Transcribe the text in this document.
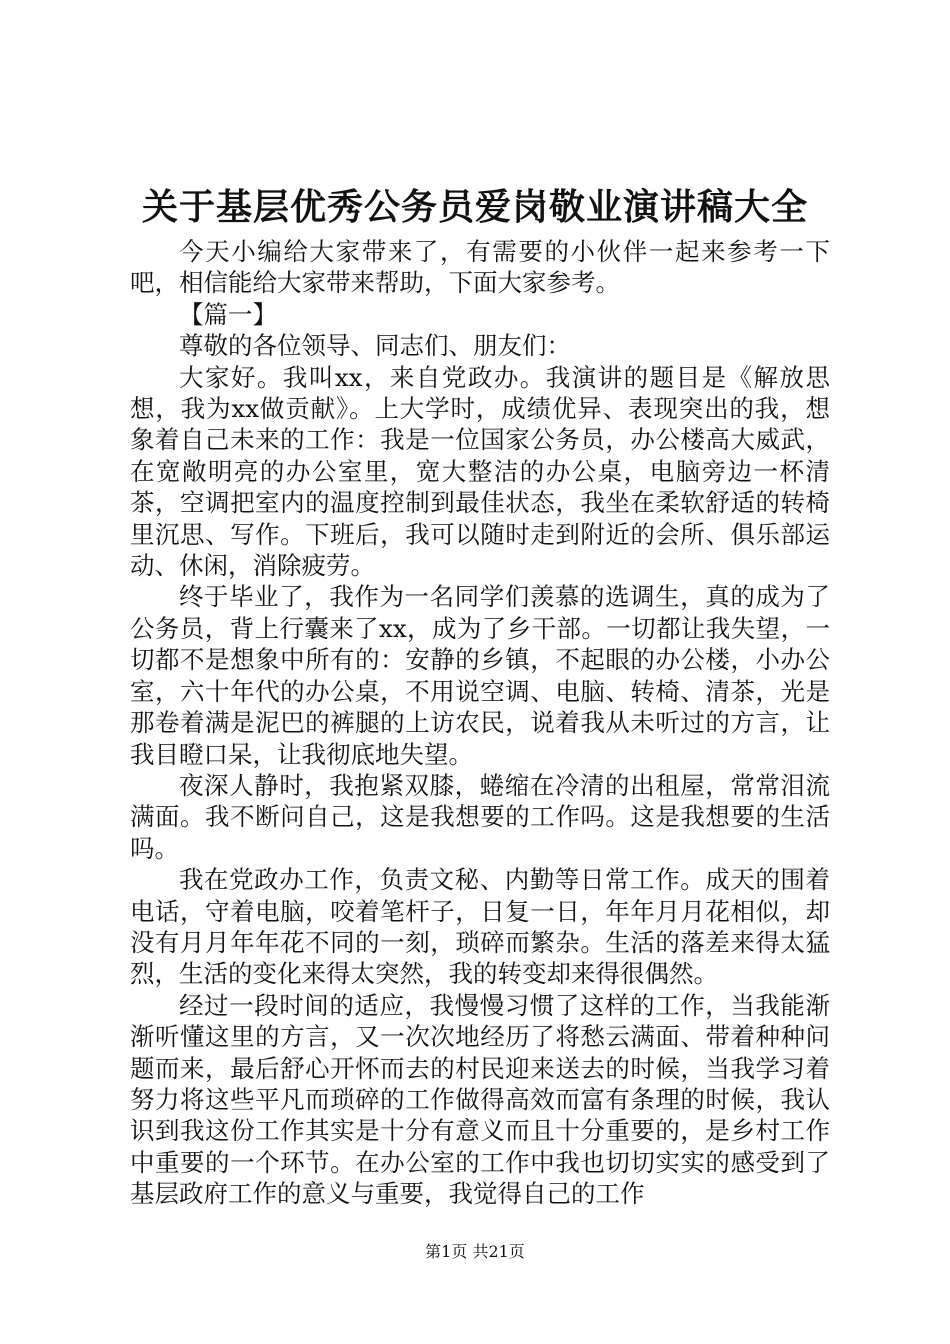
关于基层优秀公务员爱岗敬业演讲稿大全

今天小编给大家带来了，有需要的小伙伴一起来参考一下吧，相信能给大家带来帮助，下面大家参考。

【篇一】

尊敬的各位领导、同志们、朋友们：

大家好。我叫xx，来自党政办。我演讲的题目是《解放思想，我为xx做贡献》。上大学时，成绩优异、表现突出的我，想象着自己未来的工作：我是一位国家公务员，办公楼高大威武，在宽敞明亮的办公室里，宽大整洁的办公桌，电脑旁边一杯清茶，空调把室内的温度控制到最佳状态，我坐在柔软舒适的转椅里沉思、写作。下班后，我可以随时走到附近的会所、俱乐部运动、休闲，消除疲劳。

终于毕业了，我作为一名同学们羡慕的选调生，真的成为了公务员，背上行囊来了xx，成为了乡干部。一切都让我失望，一切都不是想象中所有的：安静的乡镇，不起眼的办公楼，小办公室，六十年代的办公桌，不用说空调、电脑、转椅、清茶，光是那卷着满是泥巴的裤腿的上访农民，说着我从未听过的方言，让我目瞪口呆，让我彻底地失望。

夜深人静时，我抱紧双膝，蜷缩在冷清的出租屋，常常泪流满面。我不断问自己，这是我想要的工作吗。这是我想要的生活吗。

我在党政办工作，负责文秘、内勤等日常工作。成天的围着电话，守着电脑，咬着笔杆子，日复一日，年年月月花相似，却没有月月年年花不同的一刻，琐碎而繁杂。生活的落差来得太猛烈，生活的变化来得太突然，我的转变却来得很偶然。

经过一段时间的适应，我慢慢习惯了这样的工作，当我能渐渐听懂这里的方言，又一次次地经历了将愁云满面、带着种种问题而来，最后舒心开怀而去的村民迎来送去的时候，当我学习着努力将这些平凡而琐碎的工作做得高效而富有条理的时候，我认识到我这份工作其实是十分有意义而且十分重要的，是乡村工作中重要的一个环节。在办公室的工作中我也切切实实的感受到了基层政府工作的意义与重要，我觉得自己的工作

第1页 共21页
